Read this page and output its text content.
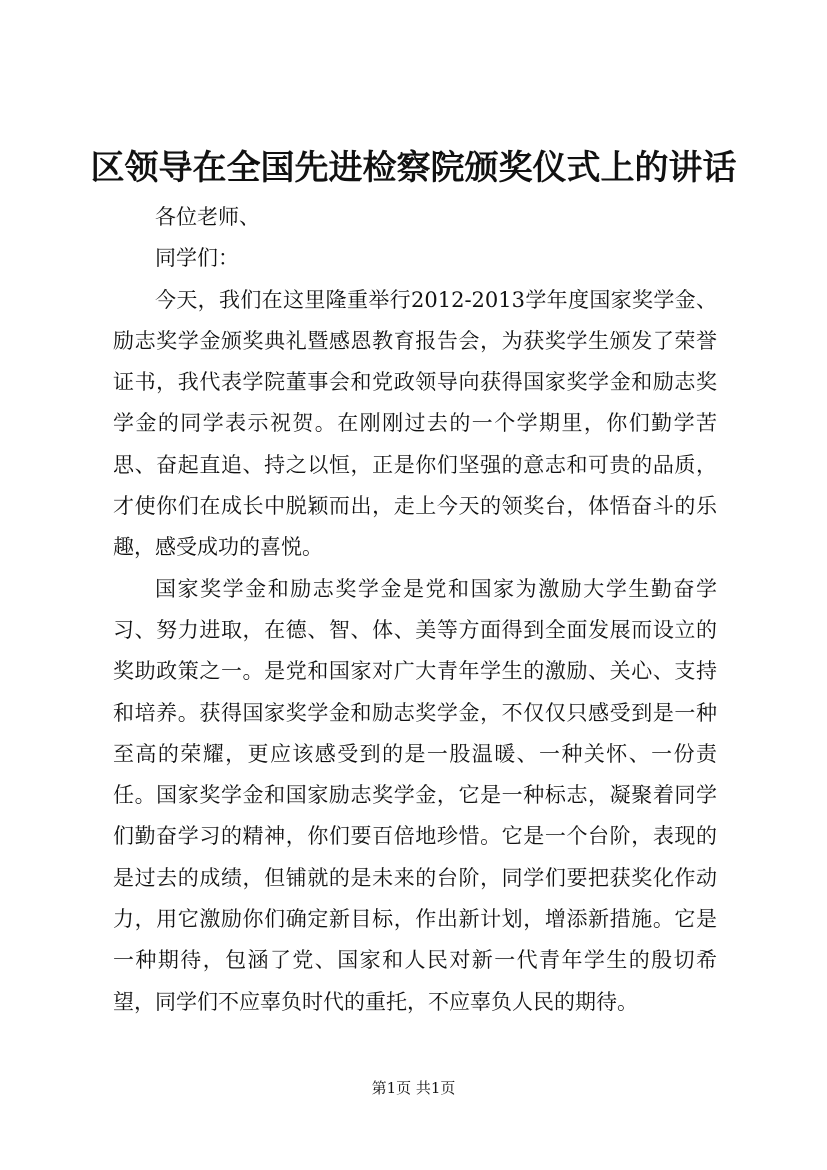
区领导在全国先进检察院颁奖仪式上的讲话

各位老师、

同学们：

今天，我们在这里隆重举行2012-2013学年度国家奖学金、励志奖学金颁奖典礼暨感恩教育报告会，为获奖学生颁发了荣誉证书，我代表学院董事会和党政领导向获得国家奖学金和励志奖学金的同学表示祝贺。在刚刚过去的一个学期里，你们勤学苦思、奋起直追、持之以恒，正是你们坚强的意志和可贵的品质，才使你们在成长中脱颖而出，走上今天的领奖台，体悟奋斗的乐趣，感受成功的喜悦。

国家奖学金和励志奖学金是党和国家为激励大学生勤奋学习、努力进取，在德、智、体、美等方面得到全面发展而设立的奖助政策之一。是党和国家对广大青年学生的激励、关心、支持和培养。获得国家奖学金和励志奖学金，不仅仅只感受到是一种至高的荣耀，更应该感受到的是一股温暖、一种关怀、一份责任。国家奖学金和国家励志奖学金，它是一种标志，凝聚着同学们勤奋学习的精神，你们要百倍地珍惜。它是一个台阶，表现的是过去的成绩，但铺就的是未来的台阶，同学们要把获奖化作动力，用它激励你们确定新目标，作出新计划，增添新措施。它是一种期待，包涵了党、国家和人民对新一代青年学生的殷切希望，同学们不应辜负时代的重托，不应辜负人民的期待。

第1页 共1页
